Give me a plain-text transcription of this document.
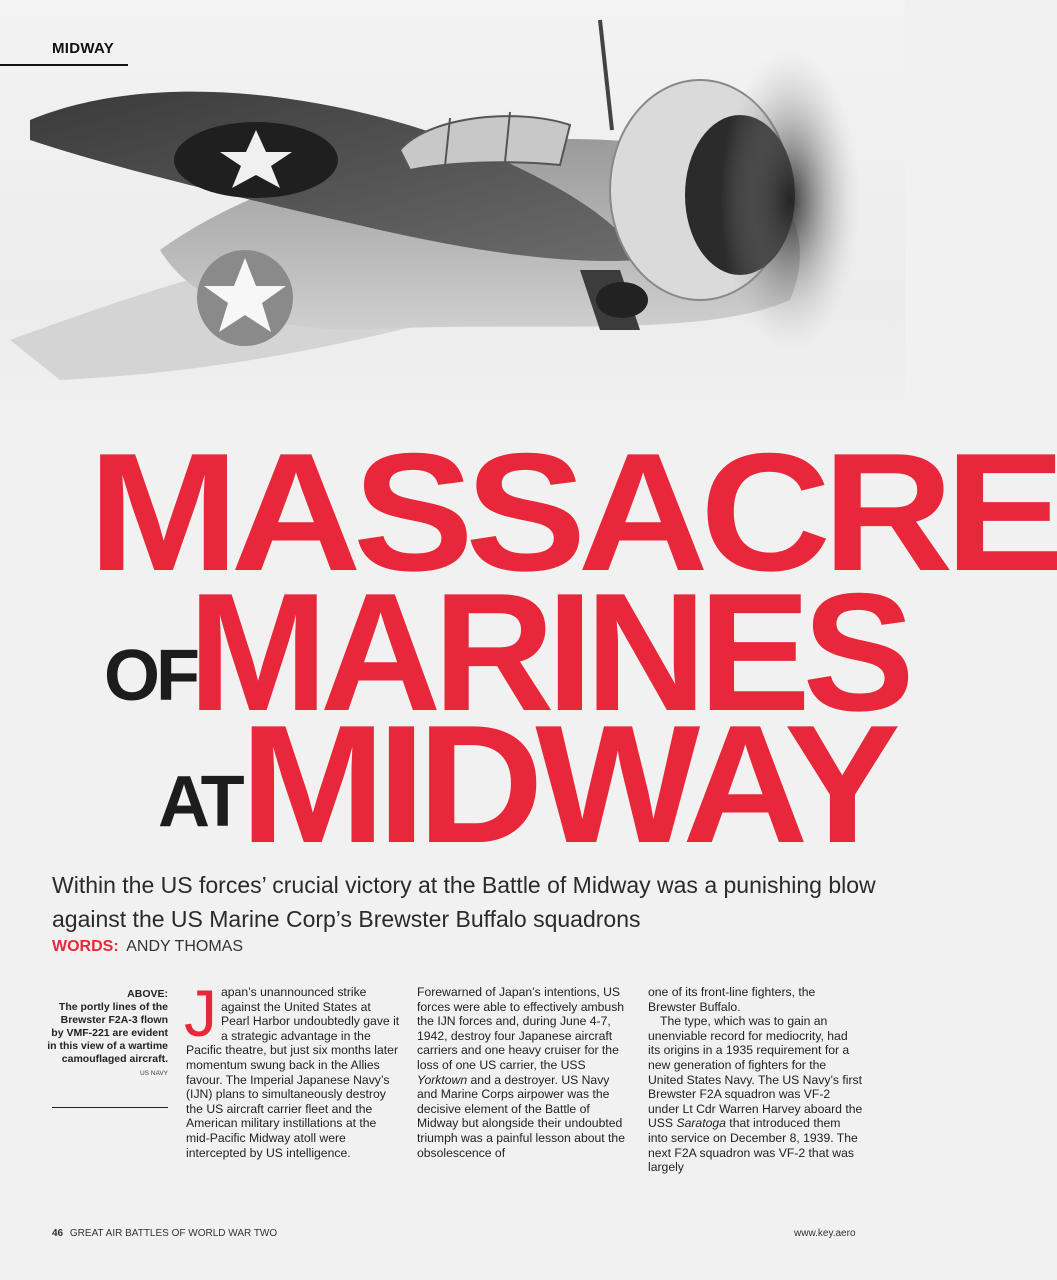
MIDWAY
MASSACRE
OF
MARINES
AT MIDWAY
Within the US forces’ crucial victory at the Battle of Midway was a punishing blow against the US Marine Corp’s Brewster Buffalo squadrons
WORDS: ANDY THOMAS
ABOVE:
The portly lines of the Brewster F2A-3 flown by VMF-221 are evident in this view of a wartime camouflaged aircraft.
US NAVY

Japan’s unannounced strike against the United States at Pearl Harbor undoubtedly gave it a strategic advantage in the Pacific theatre, but just six months later momentum swung back in the Allies favour. The Imperial Japanese Navy’s (IJN) plans to simultaneously destroy the US aircraft carrier fleet and the American military instillations at the mid-Pacific Midway atoll were intercepted by US intelligence.

Forewarned of Japan’s intentions, US forces were able to effectively ambush the IJN forces and, during June 4-7, 1942, destroy four Japanese aircraft carriers and one heavy cruiser for the loss of one US carrier, the USS Yorktown and a destroyer. US Navy and Marine Corps airpower was the decisive element of the Battle of Midway but alongside their undoubted triumph was a painful lesson about the obsolescence of

one of its front-line fighters, the Brewster Buffalo.

The type, which was to gain an unenviable record for mediocrity, had its origins in a 1935 requirement for a new generation of fighters for the United States Navy. The US Navy’s first Brewster F2A squadron was VF-2 under Lt Cdr Warren Harvey aboard the USS Saratoga that introduced them into service on December 8, 1939. The next F2A squadron was VF-2 that was largely

46 GREAT AIR BATTLES OF WORLD WAR TWO	www.key.aero
